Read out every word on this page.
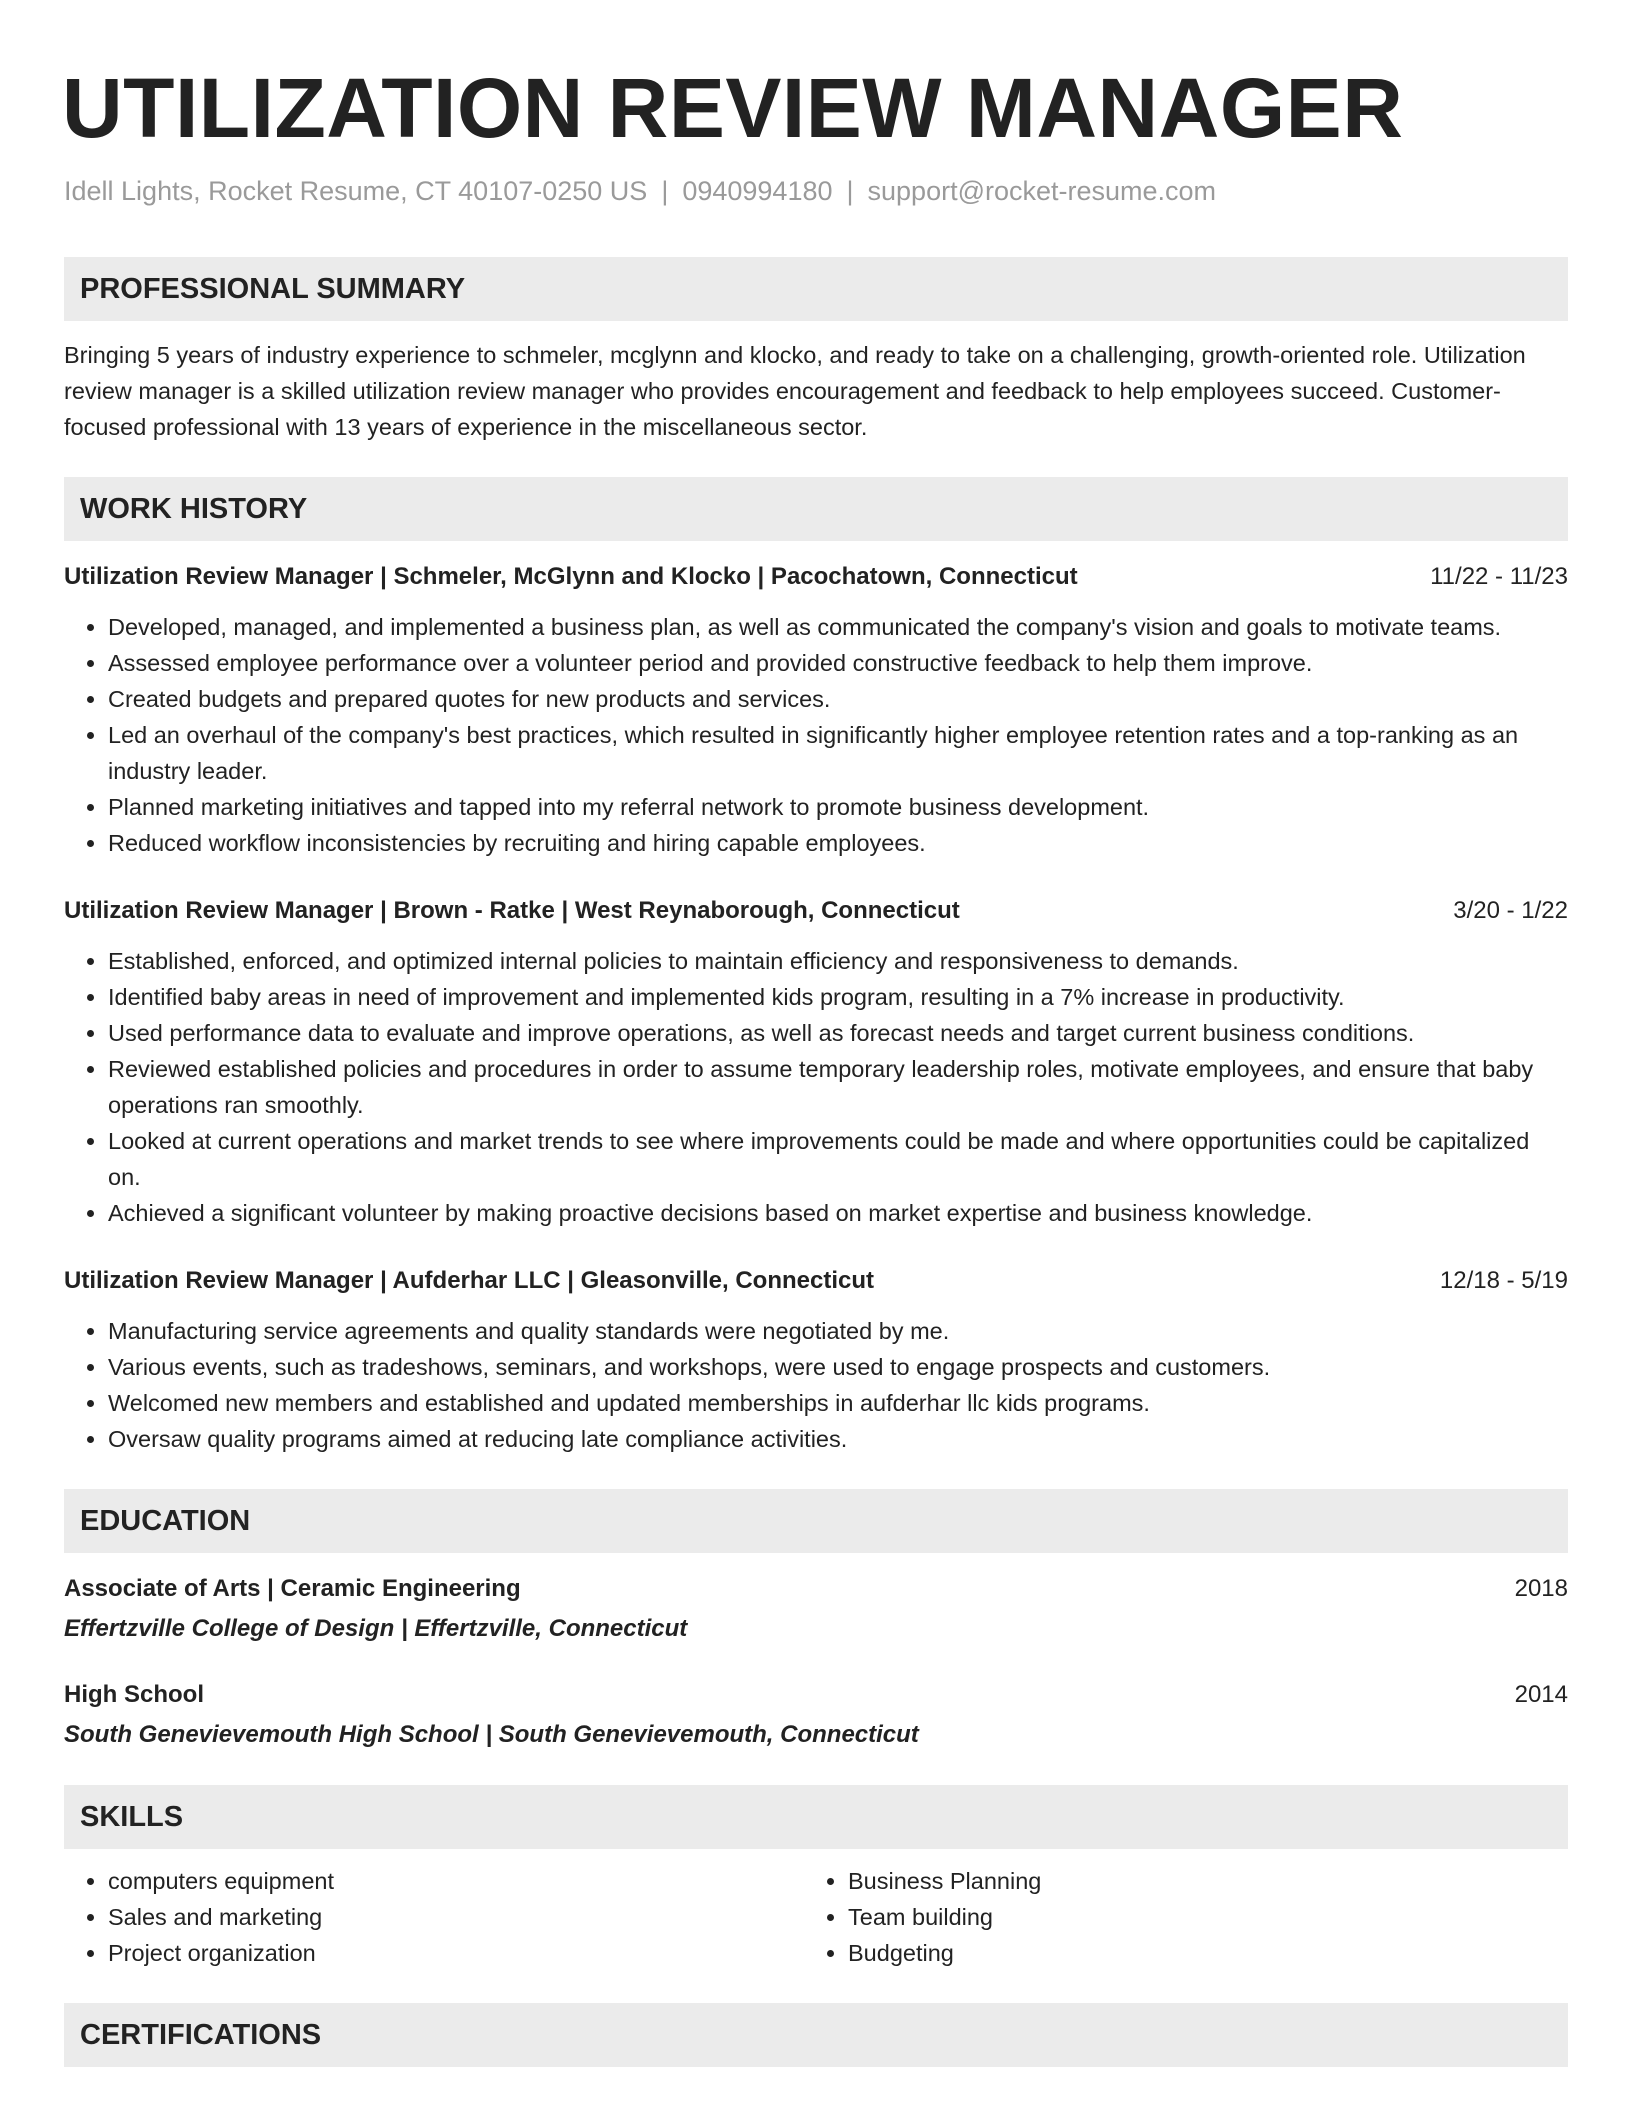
UTILIZATION REVIEW MANAGER
Idell Lights, Rocket Resume, CT 40107-0250 US | 0940994180 | support@rocket-resume.com
PROFESSIONAL SUMMARY
Bringing 5 years of industry experience to schmeler, mcglynn and klocko, and ready to take on a challenging, growth-oriented role. Utilization review manager is a skilled utilization review manager who provides encouragement and feedback to help employees succeed. Customer-focused professional with 13 years of experience in the miscellaneous sector.
WORK HISTORY
Utilization Review Manager | Schmeler, McGlynn and Klocko | Pacochatown, Connecticut	11/22 - 11/23
• Developed, managed, and implemented a business plan, as well as communicated the company's vision and goals to motivate teams.
• Assessed employee performance over a volunteer period and provided constructive feedback to help them improve.
• Created budgets and prepared quotes for new products and services.
• Led an overhaul of the company's best practices, which resulted in significantly higher employee retention rates and a top-ranking as an industry leader.
• Planned marketing initiatives and tapped into my referral network to promote business development.
• Reduced workflow inconsistencies by recruiting and hiring capable employees.
Utilization Review Manager | Brown - Ratke | West Reynaborough, Connecticut	3/20 - 1/22
• Established, enforced, and optimized internal policies to maintain efficiency and responsiveness to demands.
• Identified baby areas in need of improvement and implemented kids program, resulting in a 7% increase in productivity.
• Used performance data to evaluate and improve operations, as well as forecast needs and target current business conditions.
• Reviewed established policies and procedures in order to assume temporary leadership roles, motivate employees, and ensure that baby operations ran smoothly.
• Looked at current operations and market trends to see where improvements could be made and where opportunities could be capitalized on.
• Achieved a significant volunteer by making proactive decisions based on market expertise and business knowledge.
Utilization Review Manager | Aufderhar LLC | Gleasonville, Connecticut	12/18 - 5/19
• Manufacturing service agreements and quality standards were negotiated by me.
• Various events, such as tradeshows, seminars, and workshops, were used to engage prospects and customers.
• Welcomed new members and established and updated memberships in aufderhar llc kids programs.
• Oversaw quality programs aimed at reducing late compliance activities.
EDUCATION
Associate of Arts | Ceramic Engineering	2018
Effertzville College of Design | Effertzville, Connecticut
High School	2014
South Genevievemouth High School | South Genevievemouth, Connecticut
SKILLS
• computers equipment
• Sales and marketing
• Project organization
• Business Planning
• Team building
• Budgeting
CERTIFICATIONS
